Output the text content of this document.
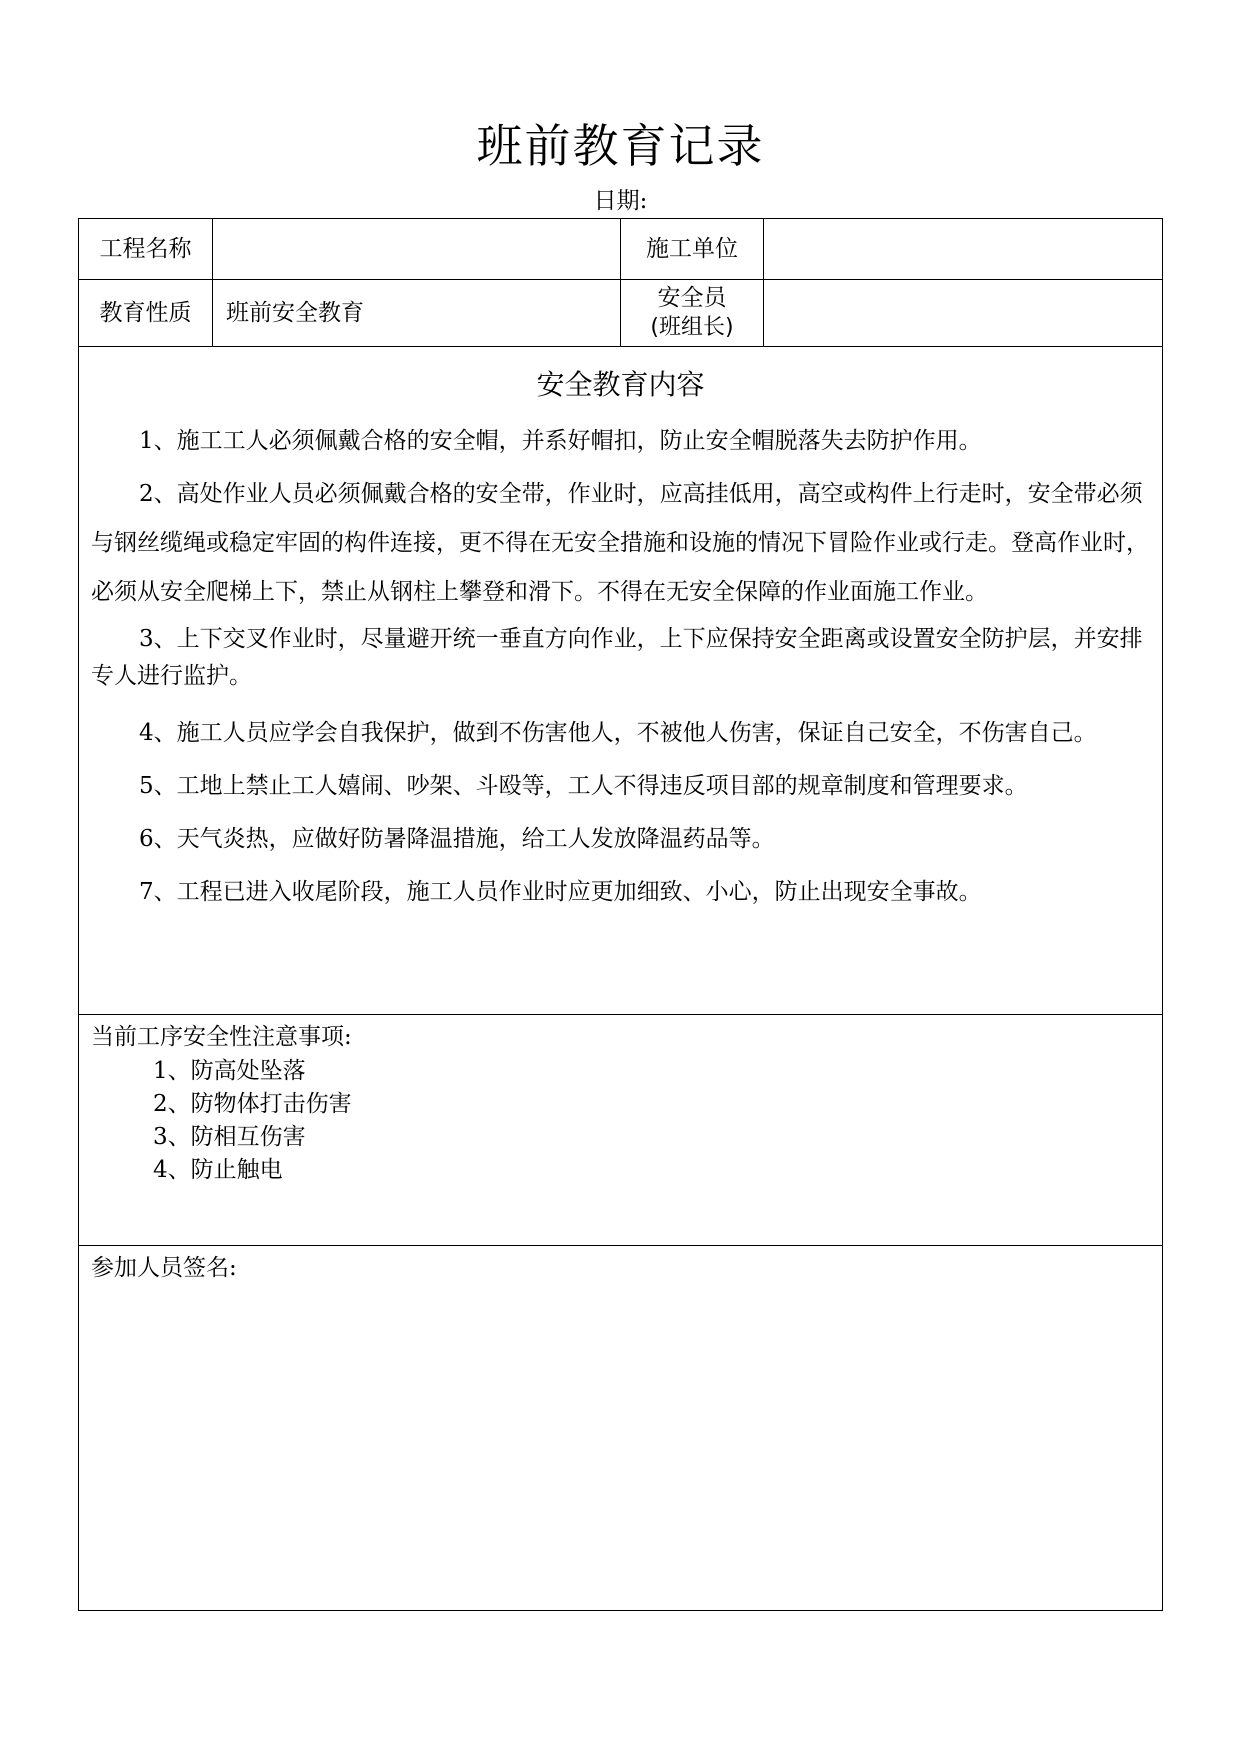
班前教育记录
日期:
工程名称	施工单位
教育性质	班前安全教育
安全员
(班组长)
安全教育内容

1、施工工人必须佩戴合格的安全帽，并系好帽扣，防止安全帽脱落失去防护作用。

2、高处作业人员必须佩戴合格的安全带，作业时，应高挂低用，高空或构件上行走时，安全带必须与钢丝缆绳或稳定牢固的构件连接，更不得在无安全措施和设施的情况下冒险作业或行走。登高作业时，必须从安全爬梯上下，禁止从钢柱上攀登和滑下。不得在无安全保障的作业面施工作业。

3、上下交叉作业时，尽量避开统一垂直方向作业，上下应保持安全距离或设置安全防护层，并安排专人进行监护。

4、施工人员应学会自我保护，做到不伤害他人，不被他人伤害，保证自己安全，不伤害自己。

5、工地上禁止工人嬉闹、吵架、斗殴等，工人不得违反项目部的规章制度和管理要求。

6、天气炎热，应做好防暑降温措施，给工人发放降温药品等。

7、工程已进入收尾阶段，施工人员作业时应更加细致、小心，防止出现安全事故。

当前工序安全性注意事项:
1、防高处坠落
2、防物体打击伤害
3、防相互伤害
4、防止触电
参加人员签名:
